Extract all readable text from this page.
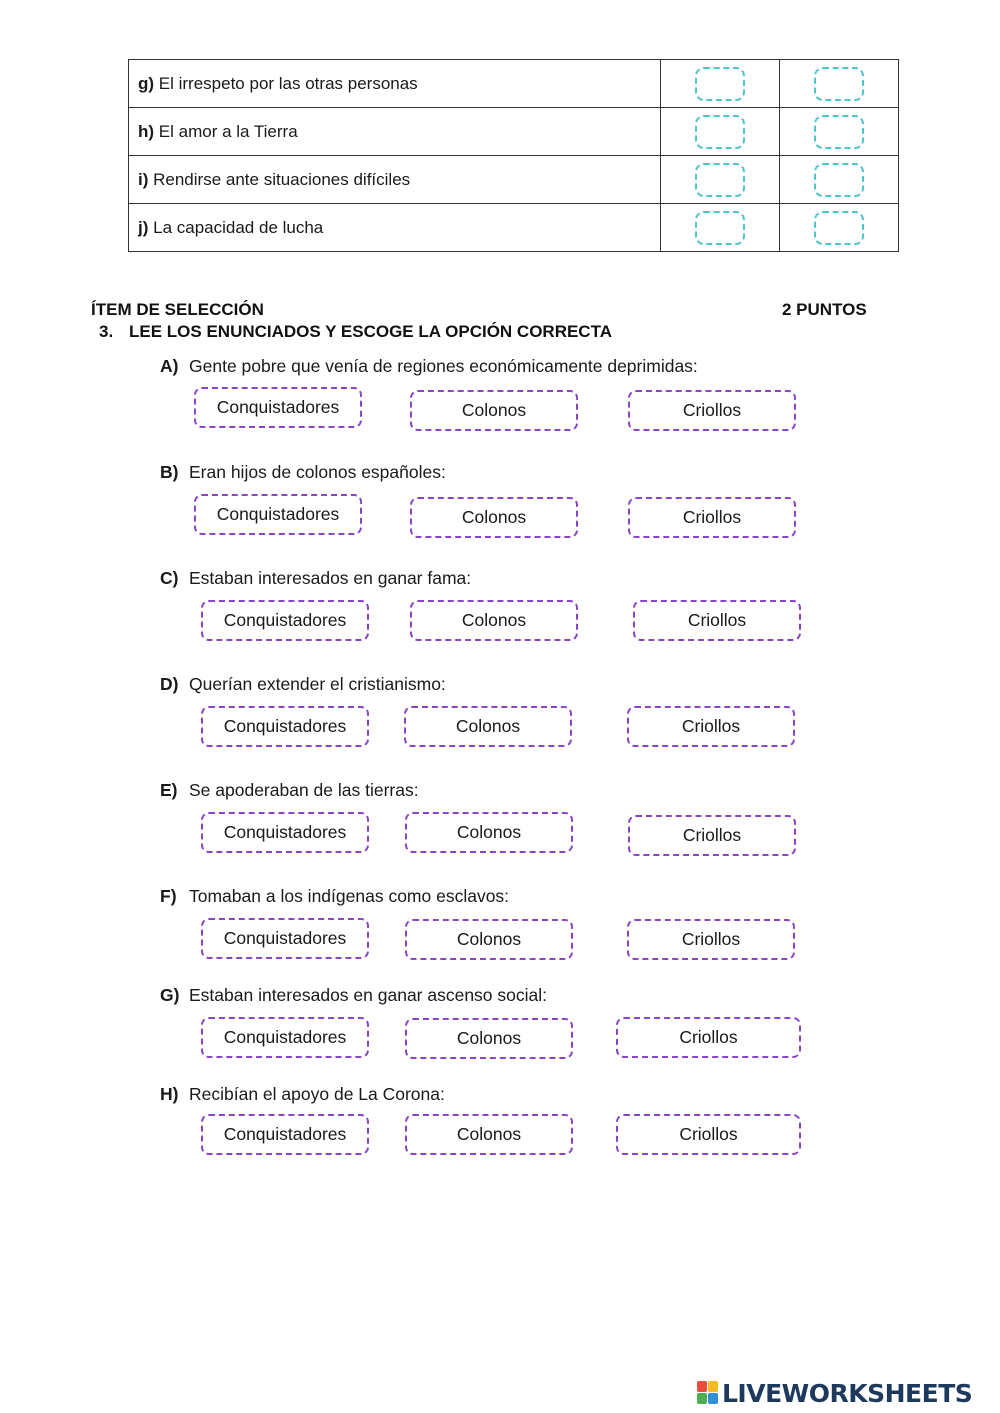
g) El irrespeto por las otras personas		
h) El amor a la Tierra		
i) Rendirse ante situaciones difíciles		
j) La capacidad de lucha		
ÍTEM DE SELECCIÓN	2 PUNTOS
3. LEE LOS ENUNCIADOS Y ESCOGE LA OPCIÓN CORRECTA
A) Gente pobre que venía de regiones económicamente deprimidas:
Conquistadores	Colonos	Criollos
B) Eran hijos de colonos españoles:
Conquistadores	Colonos	Criollos
C) Estaban interesados en ganar fama:
Conquistadores	Colonos	Criollos
D) Querían extender el cristianismo:
Conquistadores	Colonos	Criollos
E) Se apoderaban de las tierras:
Conquistadores	Colonos	Criollos
F) Tomaban a los indígenas como esclavos:
Conquistadores	Colonos	Criollos
G) Estaban interesados en ganar ascenso social:
Conquistadores	Colonos	Criollos
H) Recibían el apoyo de La Corona:
Conquistadores	Colonos	Criollos
LIVEWORKSHEETS
